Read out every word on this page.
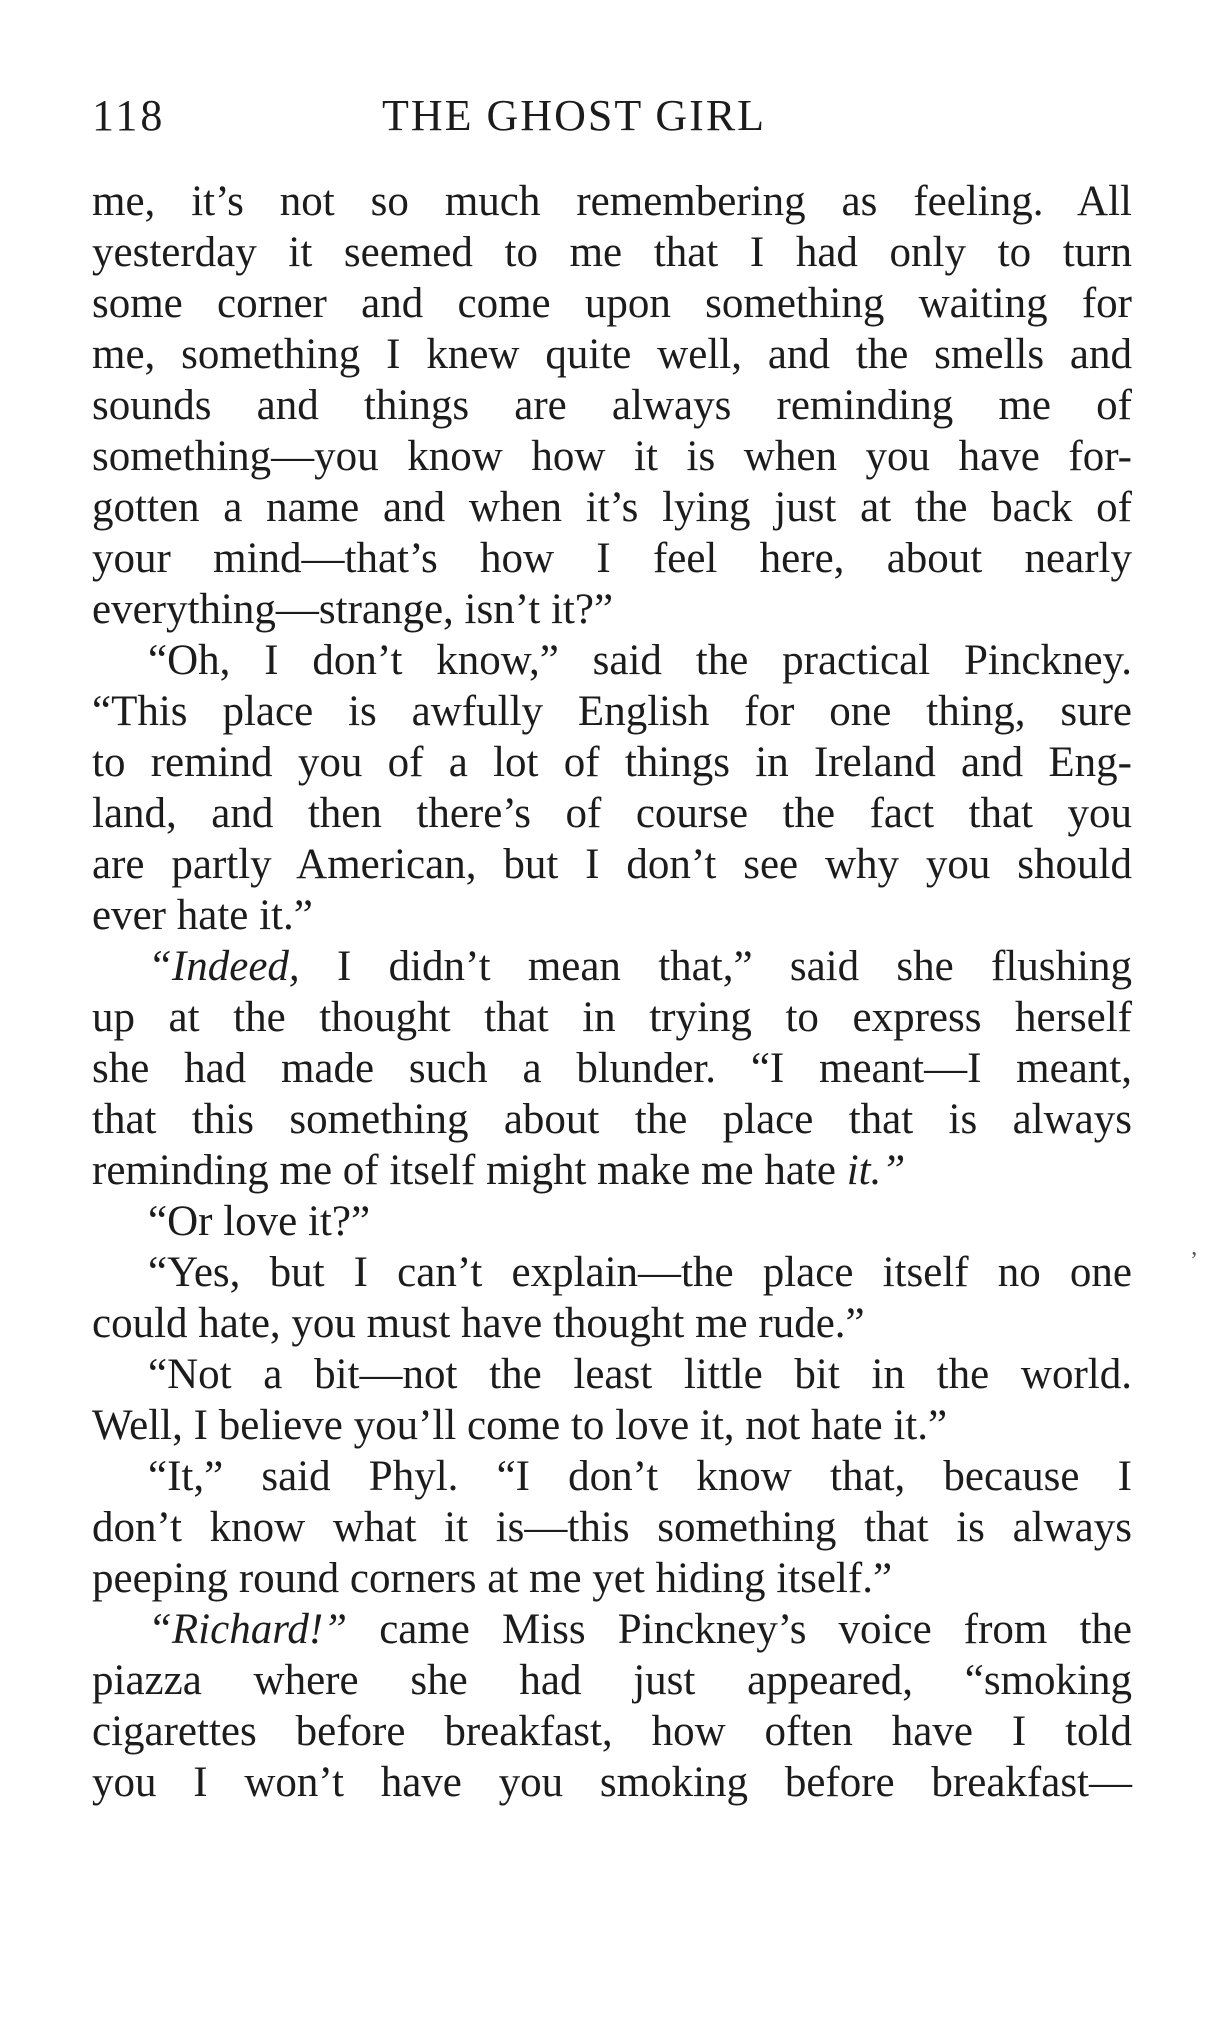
118	THE GHOST GIRL
me, it’s not so much remembering as feeling. All
yesterday it seemed to me that I had only to turn
some corner and come upon something waiting for
me, something I knew quite well, and the smells and
sounds and things are always reminding me of
something—you know how it is when you have for-
gotten a name and when it’s lying just at the back of
your mind—that’s how I feel here, about nearly
everything—strange, isn’t it?”
“Oh, I don’t know,” said the practical Pinckney.
“This place is awfully English for one thing, sure
to remind you of a lot of things in Ireland and Eng-
land, and then there’s of course the fact that you
are partly American, but I don’t see why you should
ever hate it.”
“Indeed, I didn’t mean that,” said she flushing
up at the thought that in trying to express herself
she had made such a blunder. “I meant—I meant,
that this something about the place that is always
reminding me of itself might make me hate it.”
“Or love it?”
“Yes, but I can’t explain—the place itself no one
could hate, you must have thought me rude.”
“Not a bit—not the least little bit in the world.
Well, I believe you’ll come to love it, not hate it.”
“It,” said Phyl. “I don’t know that, because I
don’t know what it is—this something that is always
peeping round corners at me yet hiding itself.”
“Richard!” came Miss Pinckney’s voice from the
piazza where she had just appeared, “smoking
cigarettes before breakfast, how often have I told
you I won’t have you smoking before breakfast—
ʼ
